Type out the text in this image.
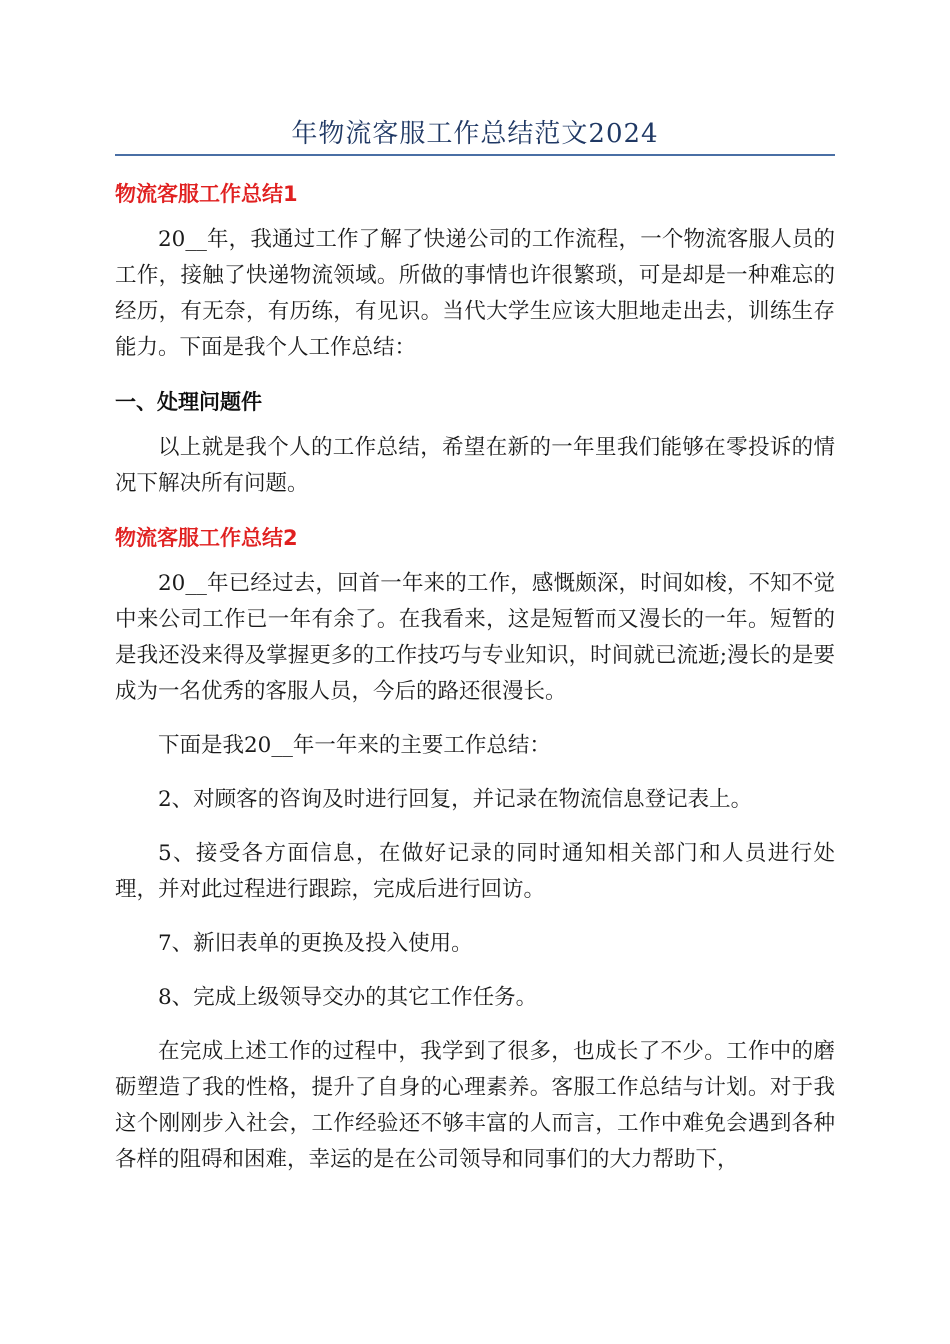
年物流客服工作总结范文2024
物流客服工作总结1

20__年，我通过工作了解了快递公司的工作流程，一个物流客服人员的工作，接触了快递物流领域。所做的事情也许很繁琐，可是却是一种难忘的经历，有无奈，有历练，有见识。当代大学生应该大胆地走出去，训练生存能力。下面是我个人工作总结：

一、处理问题件

以上就是我个人的工作总结，希望在新的一年里我们能够在零投诉的情况下解决所有问题。

物流客服工作总结2

20__年已经过去，回首一年来的工作，感慨颇深，时间如梭，不知不觉中来公司工作已一年有余了。在我看来，这是短暂而又漫长的一年。短暂的是我还没来得及掌握更多的工作技巧与专业知识，时间就已流逝;漫长的是要成为一名优秀的客服人员，今后的路还很漫长。

下面是我20__年一年来的主要工作总结：

2、对顾客的咨询及时进行回复，并记录在物流信息登记表上。

5、接受各方面信息，在做好记录的同时通知相关部门和人员进行处理，并对此过程进行跟踪，完成后进行回访。

7、新旧表单的更换及投入使用。

8、完成上级领导交办的其它工作任务。

在完成上述工作的过程中，我学到了很多，也成长了不少。工作中的磨砺塑造了我的性格，提升了自身的心理素养。客服工作总结与计划。对于我这个刚刚步入社会，工作经验还不够丰富的人而言，工作中难免会遇到各种各样的阻碍和困难，幸运的是在公司领导和同事们的大力帮助下，
